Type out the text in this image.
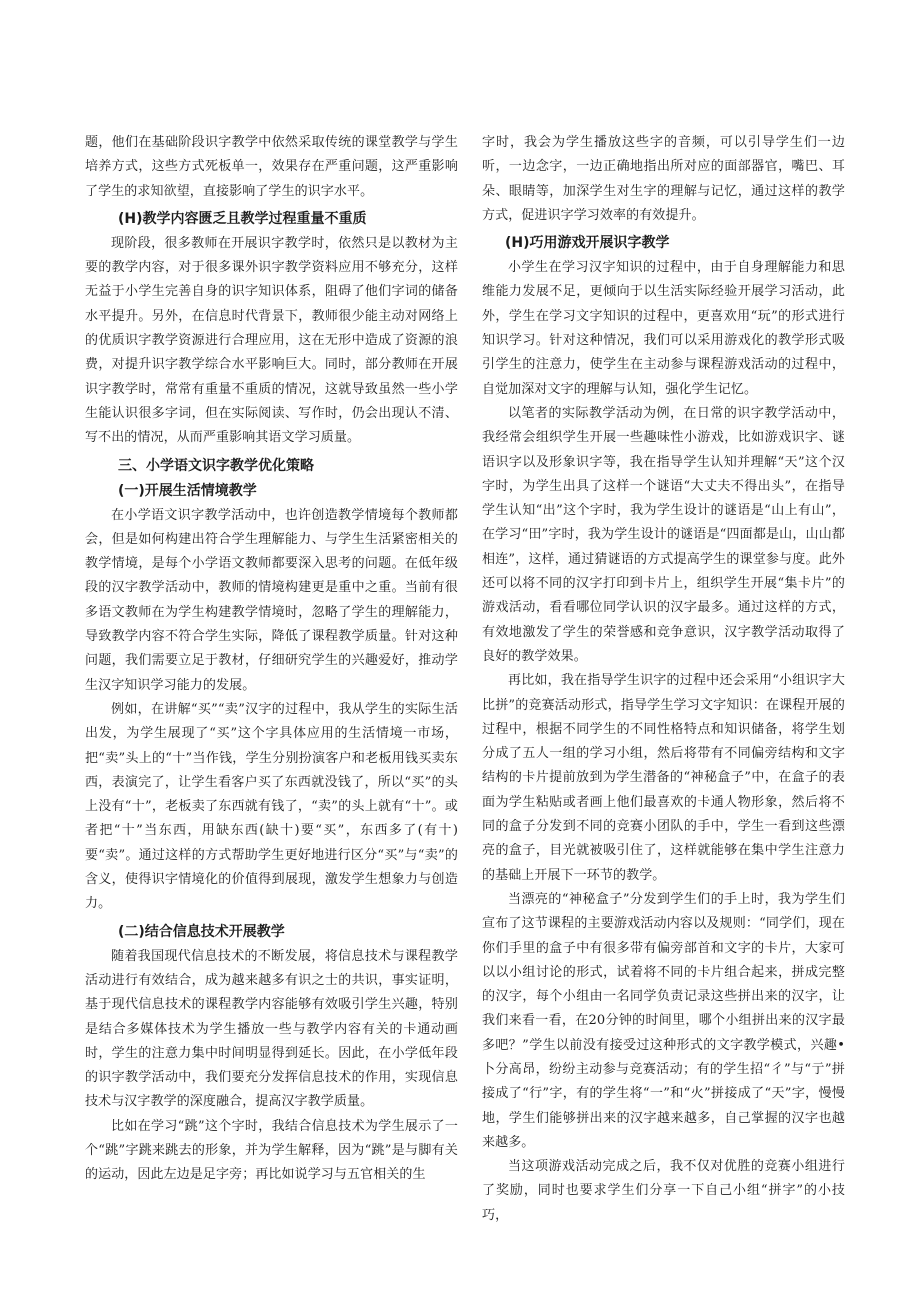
题，他们在基础阶段识字教学中依然采取传统的课堂教学与学生培养方式，这些方式死板单一，效果存在严重问题，这严重影响了学生的求知欲望，直接影响了学生的识字水平。

(H)教学内容匮乏且教学过程重量不重质

现阶段，很多教师在开展识字教学时，依然只是以教材为主要的教学内容，对于很多课外识字教学资料应用不够充分，这样无益于小学生完善自身的识字知识体系，阻碍了他们字词的储备水平提升。另外，在信息时代背景下，教师很少能主动对网络上的优质识字教学资源进行合理应用，这在无形中造成了资源的浪费，对提升识字教学综合水平影响巨大。同时，部分教师在开展识字教学时，常常有重量不重质的情况，这就导致虽然一些小学生能认识很多字词，但在实际阅读、写作时，仍会出现认不清、写不出的情况，从而严重影响其语文学习质量。

三、小学语文识字教学优化策略
(一)开展生活情境教学

在小学语文识字教学活动中，也许创造教学情境每个教师都会，但是如何构建出符合学生理解能力、与学生生活紧密相关的教学情境，是每个小学语文教师都要深入思考的问题。在低年级段的汉字教学活动中，教师的情境构建更是重中之重。当前有很多语文教师在为学生构建教学情境时，忽略了学生的理解能力，导致教学内容不符合学生实际，降低了课程教学质量。针对这种问题，我们需要立足于教材，仔细研究学生的兴趣爱好，推动学生汉字知识学习能力的发展。

例如，在讲解“买”“卖”汉字的过程中，我从学生的实际生活出发，为学生展现了“买”这个字具体应用的生活情境一市场，把“卖”头上的“十”当作钱，学生分别扮演客户和老板用钱买卖东西，表演完了，让学生看客户买了东西就没钱了，所以“买”的头上没有“十”，老板卖了东西就有钱了，“卖”的头上就有“十”。或者把“十”当东西，用缺东西(缺十)要“买”，东西多了(有十)要“卖”。通过这样的方式帮助学生更好地进行区分“买”与“卖”的含义，使得识字情境化的价值得到展现，激发学生想象力与创造力。

(二)结合信息技术开展教学

随着我国现代信息技术的不断发展，将信息技术与课程教学活动进行有效结合，成为越来越多有识之士的共识，事实证明，基于现代信息技术的课程教学内容能够有效吸引学生兴趣，特别是结合多媒体技术为学生播放一些与教学内容有关的卡通动画时，学生的注意力集中时间明显得到延长。因此，在小学低年段的识字教学活动中，我们要充分发挥信息技术的作用，实现信息技术与汉字教学的深度融合，提高汉字教学质量。

比如在学习“跳”这个字时，我结合信息技术为学生展示了一个“跳”字跳来跳去的形象，并为学生解释，因为“跳”是与脚有关的运动，因此左边是足字旁；再比如说学习与五官相关的生

字时，我会为学生播放这些字的音频，可以引导学生们一边听，一边念字，一边正确地指出所对应的面部器官，嘴巴、耳朵、眼睛等，加深学生对生字的理解与记忆，通过这样的教学方式，促进识字学习效率的有效提升。

(H)巧用游戏开展识字教学

小学生在学习汉字知识的过程中，由于自身理解能力和思维能力发展不足，更倾向于以生活实际经验开展学习活动，此外，学生在学习文字知识的过程中，更喜欢用“玩”的形式进行知识学习。针对这种情况，我们可以采用游戏化的教学形式吸引学生的注意力，使学生在主动参与课程游戏活动的过程中，自觉加深对文字的理解与认知，强化学生记忆。

以笔者的实际教学活动为例，在日常的识字教学活动中，我经常会组织学生开展一些趣味性小游戏，比如游戏识字、谜语识字以及形象识字等，我在指导学生认知并理解“天”这个汉字时，为学生出具了这样一个谜语“大丈夫不得出头”，在指导学生认知“出”这个字时，我为学生设计的谜语是“山上有山”，在学习“田”字时，我为学生设计的谜语是“四面都是山，山山都相连”，这样，通过猜谜语的方式提高学生的课堂参与度。此外还可以将不同的汉字打印到卡片上，组织学生开展“集卡片”的游戏活动，看看哪位同学认识的汉字最多。通过这样的方式，有效地激发了学生的荣誉感和竞争意识，汉字教学活动取得了良好的教学效果。

再比如，我在指导学生识字的过程中还会采用“小组识字大比拼”的竞赛活动形式，指导学生学习文字知识：在课程开展的过程中，根据不同学生的不同性格特点和知识储备，将学生划分成了五人一组的学习小组，然后将带有不同偏旁结构和文字结构的卡片提前放到为学生潜备的“神秘盒子”中，在盒子的表面为学生粘贴或者画上他们最喜欢的卡通人物形象，然后将不同的盒子分发到不同的竞赛小团队的手中，学生一看到这些漂亮的盒子，目光就被吸引住了，这样就能够在集中学生注意力的基础上开展下一环节的教学。

当漂亮的“神秘盒子”分发到学生们的手上时，我为学生们宣布了这节课程的主要游戏活动内容以及规则：“同学们，现在你们手里的盒子中有很多带有偏旁部首和文字的卡片，大家可以以小组讨论的形式，试着将不同的卡片组合起来，拼成完整的汉字，每个小组由一名同学负责记录这些拼出来的汉字，让我们来看一看，在20分钟的时间里，哪个小组拼出来的汉字最多吧？”学生以前没有接受过这种形式的文字教学模式，兴趣•卜分高昂，纷纷主动参与竞赛活动；有的学生招“彳”与“亍”拼接成了“行”字，有的学生将“一”和“火”拼接成了“天”字，慢慢地，学生们能够拼出来的汉字越来越多，自己掌握的汉字也越来越多。

当这项游戏活动完成之后，我不仅对优胜的竞赛小组进行了奖励，同时也要求学生们分享一下自己小组“拼字”的小技巧，
